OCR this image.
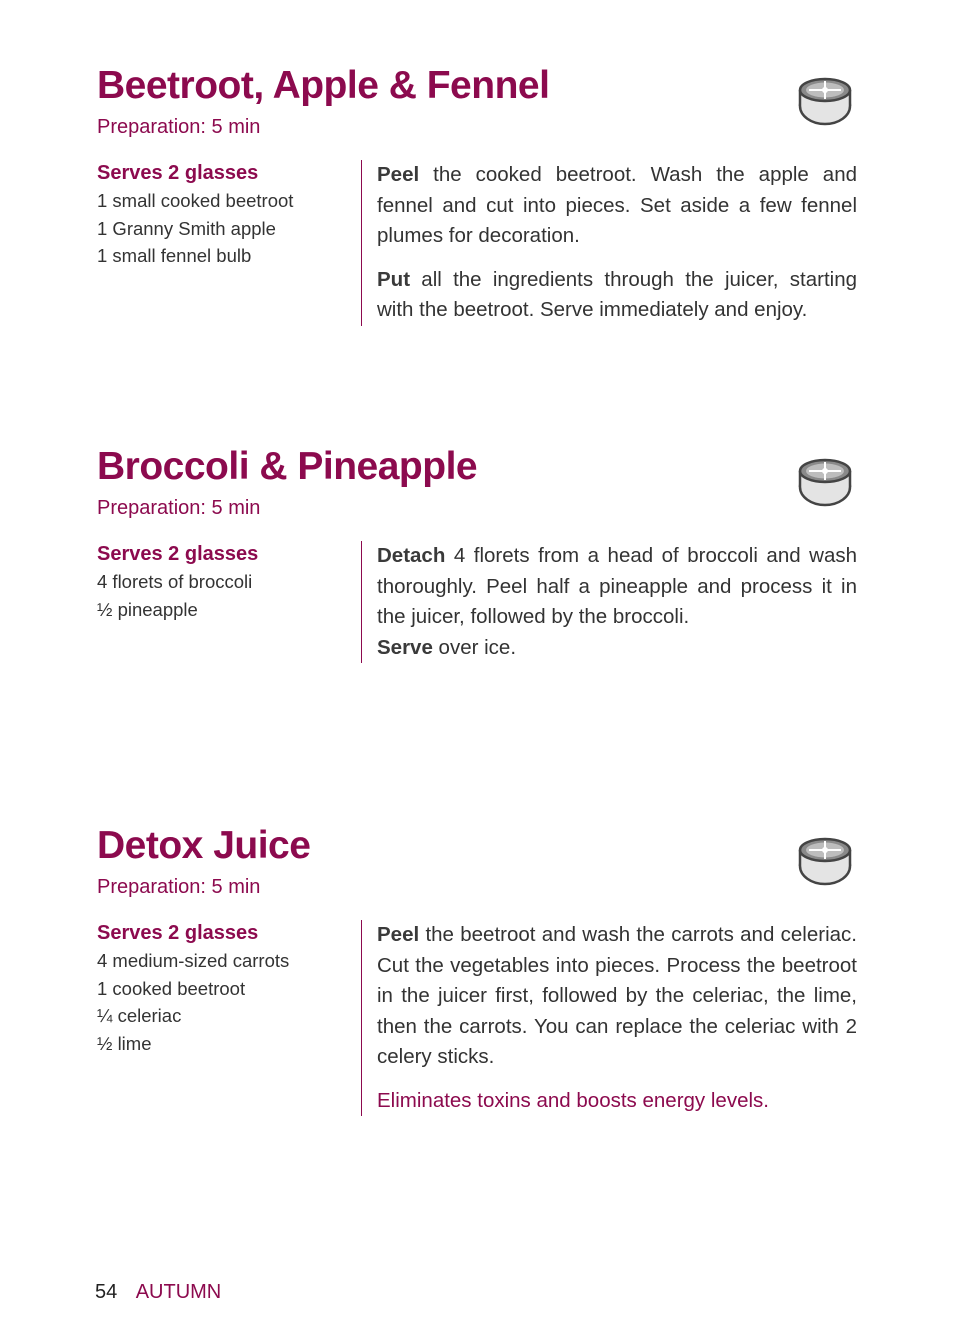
Beetroot, Apple & Fennel
Preparation: 5 min
Serves 2 glasses
1 small cooked beetroot
1 Granny Smith apple
1 small fennel bulb

Peel the cooked beetroot. Wash the apple and fennel and cut into pieces. Set aside a few fennel plumes for decoration.

Put all the ingredients through the juicer, starting with the beetroot. Serve immediately and enjoy.

Broccoli & Pineapple
Preparation: 5 min
Serves 2 glasses
4 florets of broccoli
½ pineapple

Detach 4 florets from a head of broccoli and wash thoroughly. Peel half a pineapple and process it in the juicer, followed by the broccoli.

Serve over ice.

Detox Juice
Preparation: 5 min
Serves 2 glasses
4 medium-sized carrots
1 cooked beetroot
¼ celeriac
½ lime

Peel the beetroot and wash the carrots and celeriac. Cut the vegetables into pieces. Process the beetroot in the juicer first, followed by the celeriac, the lime, then the carrots. You can replace the celeriac with 2 celery sticks.

Eliminates toxins and boosts energy levels.

54 AUTUMN
